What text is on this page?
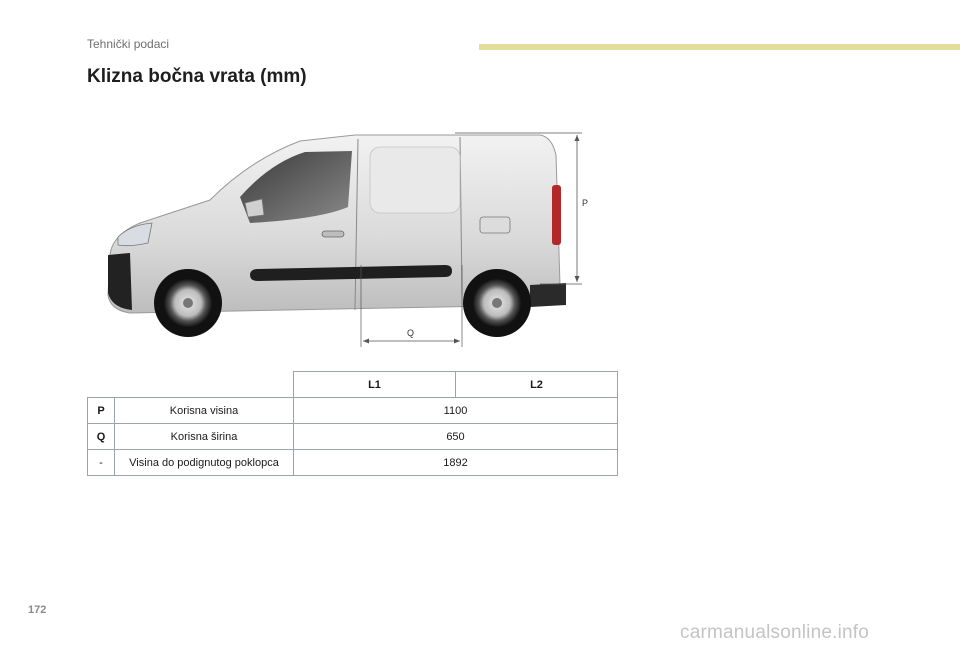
Tehnički podaci
Klizna bočna vrata (mm)
P
Q
		L1	L2
P	Korisna visina	1100	
Q	Korisna širina	650	
-	Visina do podignutog poklopca	1892	
172
carmanualsonline.info
